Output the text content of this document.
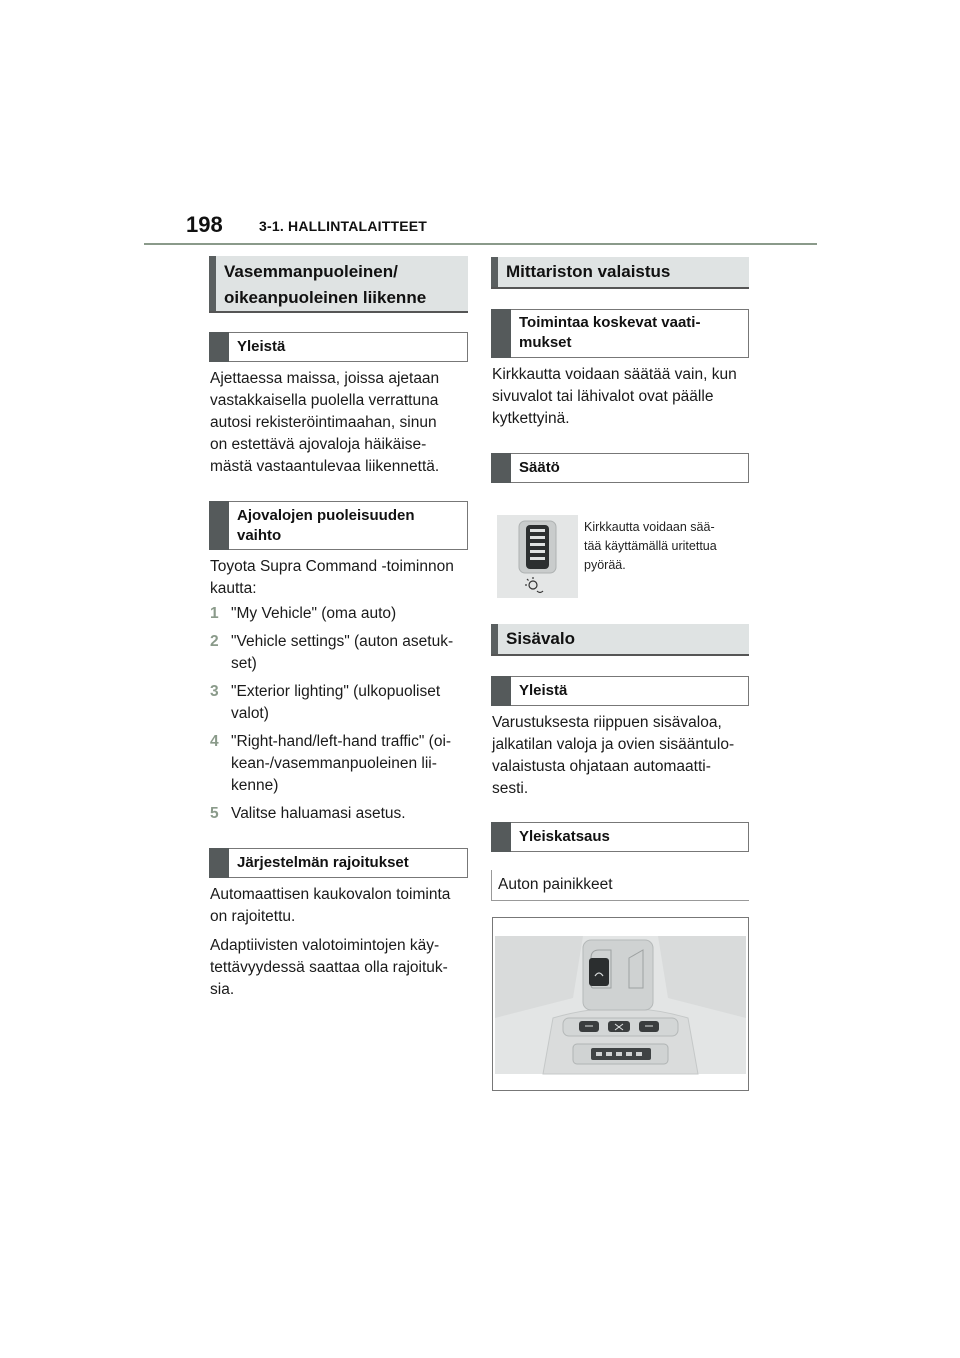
198	3-1. HALLINTALAITTEET
Vasemmanpuoleinen/
oikeanpuoleinen liikenne
Yleistä

Ajettaessa maissa, joissa ajetaan

vastakkaisella puolella verrattuna

autosi rekisteröintimaahan, sinun

on estettävä ajovaloja häikäise-

mästä vastaantulevaa liikennettä.

Ajovalojen puoleisuuden
vaihto

Toyota Supra Command -toiminnon

kautta:

1 "My Vehicle" (oma auto)
2 "Vehicle settings" (auton asetuk-
set)
3 "Exterior lighting" (ulkopuoliset
valot)
4 "Right-hand/left-hand traffic" (oi-
kean-/vasemmanpuoleinen lii-
kenne)
5 Valitse haluamasi asetus.
Järjestelmän rajoitukset

Automaattisen kaukovalon toiminta

on rajoitettu.

Adaptiivisten valotoimintojen käy-

tettävyydessä saattaa olla rajoituk-

sia.

Mittariston valaistus
Toimintaa koskevat vaati-
mukset

Kirkkautta voidaan säätää vain, kun

sivuvalot tai lähivalot ovat päälle

kytkettyinä.

Säätö
Kirkkautta voidaan sää-
tää käyttämällä uritettua
pyörää.
Sisävalo
Yleistä

Varustuksesta riippuen sisävaloa,

jalkatilan valoja ja ovien sisääntulo-

valaistusta ohjataan automaatti-

sesti.

Yleiskatsaus
Auton painikkeet
